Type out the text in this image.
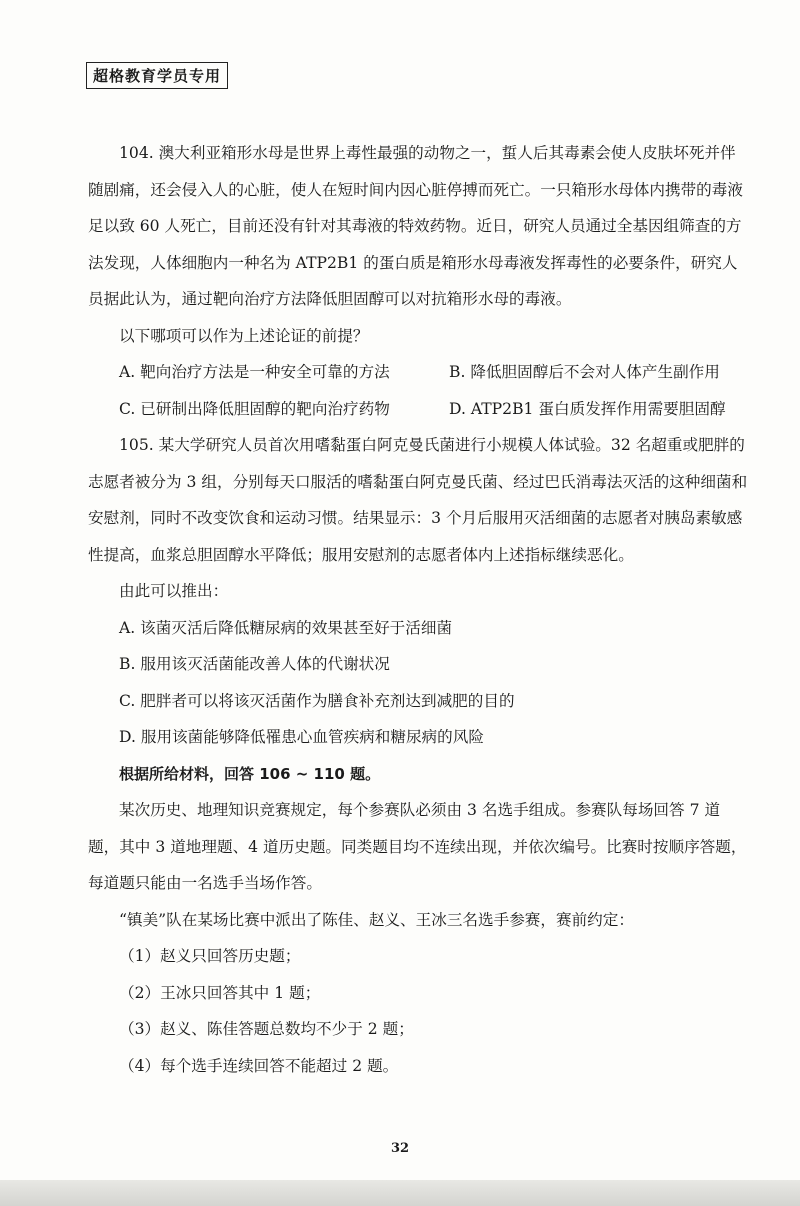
超格教育学员专用

104. 澳大利亚箱形水母是世界上毒性最强的动物之一，蜇人后其毒素会使人皮肤坏死并伴随剧痛，还会侵入人的心脏，使人在短时间内因心脏停搏而死亡。一只箱形水母体内携带的毒液足以致 60 人死亡，目前还没有针对其毒液的特效药物。近日，研究人员通过全基因组筛查的方法发现，人体细胞内一种名为 ATP2B1 的蛋白质是箱形水母毒液发挥毒性的必要条件，研究人员据此认为，通过靶向治疗方法降低胆固醇可以对抗箱形水母的毒液。

以下哪项可以作为上述论证的前提？

A. 靶向治疗方法是一种安全可靠的方法	B. 降低胆固醇后不会对人体产生副作用
C. 已研制出降低胆固醇的靶向治疗药物	D. ATP2B1 蛋白质发挥作用需要胆固醇

105. 某大学研究人员首次用嗜黏蛋白阿克曼氏菌进行小规模人体试验。32 名超重或肥胖的志愿者被分为 3 组，分别每天口服活的嗜黏蛋白阿克曼氏菌、经过巴氏消毒法灭活的这种细菌和安慰剂，同时不改变饮食和运动习惯。结果显示：3 个月后服用灭活细菌的志愿者对胰岛素敏感性提高，血浆总胆固醇水平降低；服用安慰剂的志愿者体内上述指标继续恶化。

由此可以推出：

A. 该菌灭活后降低糖尿病的效果甚至好于活细菌

B. 服用该灭活菌能改善人体的代谢状况

C. 肥胖者可以将该灭活菌作为膳食补充剂达到减肥的目的

D. 服用该菌能够降低罹患心血管疾病和糖尿病的风险

根据所给材料，回答 106 ~ 110 题。

某次历史、地理知识竞赛规定，每个参赛队必须由 3 名选手组成。参赛队每场回答 7 道题，其中 3 道地理题、4 道历史题。同类题目均不连续出现，并依次编号。比赛时按顺序答题，每道题只能由一名选手当场作答。

“镇美”队在某场比赛中派出了陈佳、赵义、王冰三名选手参赛，赛前约定：

（1）赵义只回答历史题；

（2）王冰只回答其中 1 题；

（3）赵义、陈佳答题总数均不少于 2 题；

（4）每个选手连续回答不能超过 2 题。

32
